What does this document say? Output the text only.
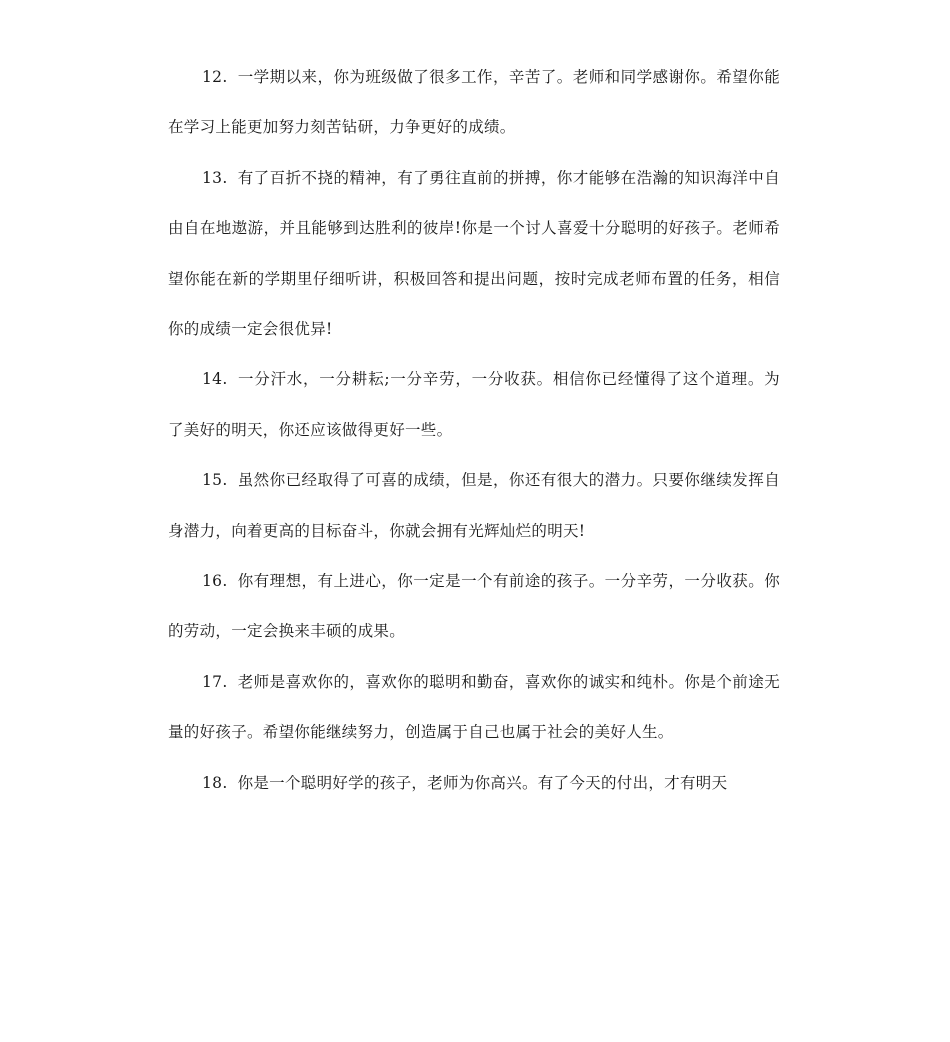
12. 一学期以来，你为班级做了很多工作，辛苦了。老师和同学感谢你。希望你能在学习上能更加努力刻苦钻研，力争更好的成绩。

13. 有了百折不挠的精神，有了勇往直前的拼搏，你才能够在浩瀚的知识海洋中自由自在地遨游，并且能够到达胜利的彼岸!你是一个讨人喜爱十分聪明的好孩子。老师希望你能在新的学期里仔细听讲，积极回答和提出问题，按时完成老师布置的任务，相信你的成绩一定会很优异!

14. 一分汗水，一分耕耘;一分辛劳，一分收获。相信你已经懂得了这个道理。为了美好的明天，你还应该做得更好一些。

15. 虽然你已经取得了可喜的成绩，但是，你还有很大的潜力。只要你继续发挥自身潜力，向着更高的目标奋斗，你就会拥有光辉灿烂的明天!

16. 你有理想，有上进心，你一定是一个有前途的孩子。一分辛劳，一分收获。你的劳动，一定会换来丰硕的成果。

17. 老师是喜欢你的，喜欢你的聪明和勤奋，喜欢你的诚实和纯朴。你是个前途无量的好孩子。希望你能继续努力，创造属于自己也属于社会的美好人生。

18. 你是一个聪明好学的孩子，老师为你高兴。有了今天的付出，才有明天
